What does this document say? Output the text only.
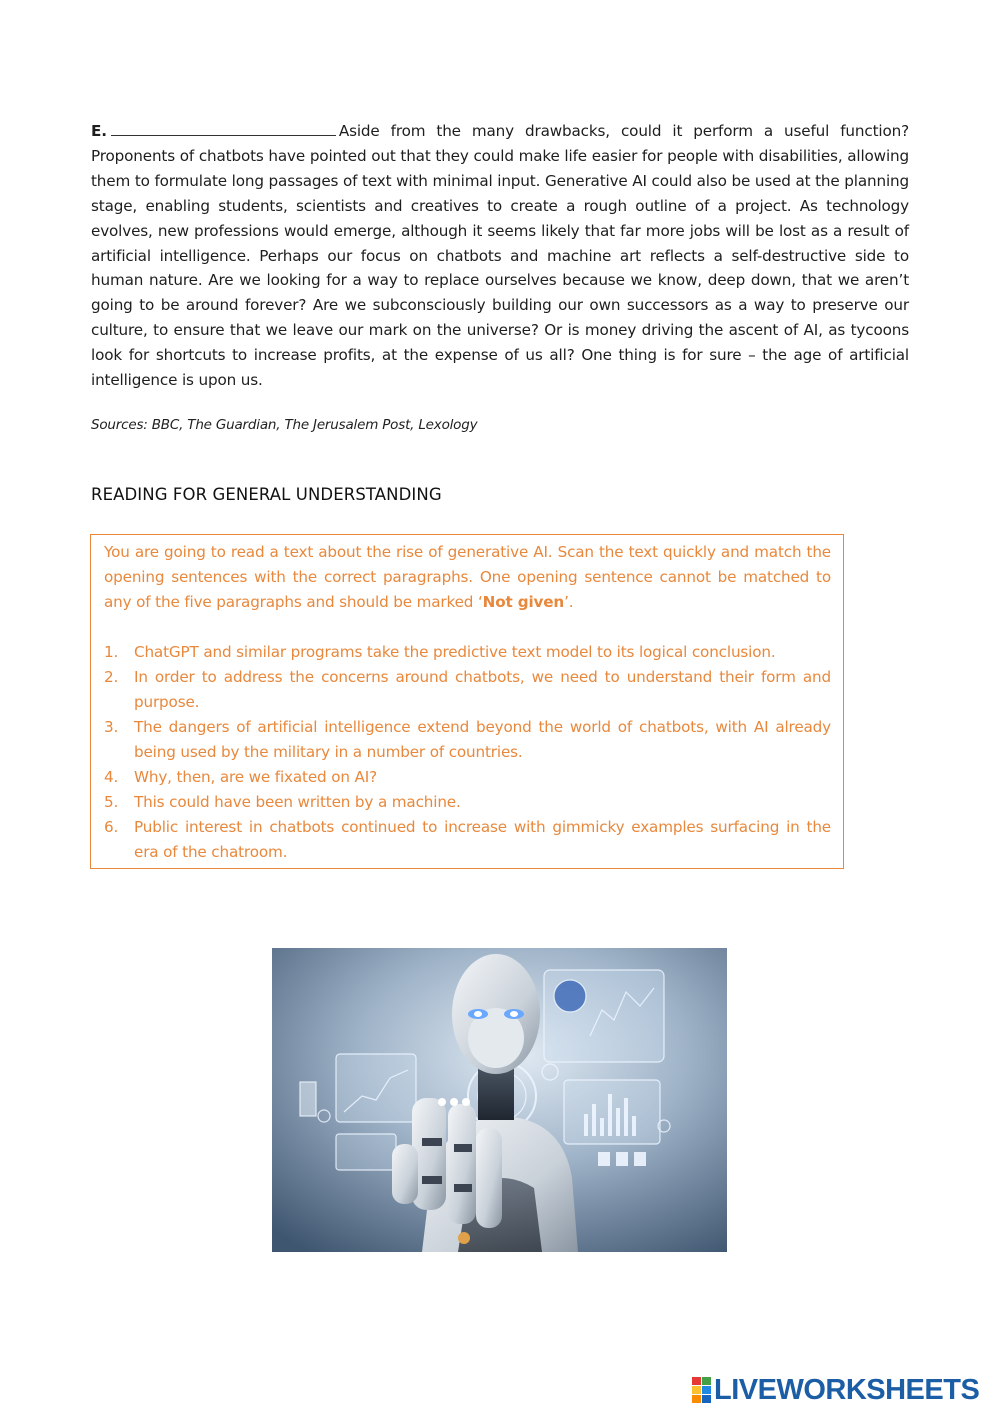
E.	Aside from the many drawbacks, could it perform a useful function? Proponents of chatbots have pointed out that they could make life easier for people with disabilities, allowing them to formulate long passages of text with minimal input. Generative AI could also be used at the planning stage, enabling students, scientists and creatives to create a rough outline of a project. As technology evolves, new professions would emerge, although it seems likely that far more jobs will be lost as a result of artificial intelligence. Perhaps our focus on chatbots and machine art reflects a self-destructive side to human nature. Are we looking for a way to replace ourselves because we know, deep down, that we aren’t going to be around forever? Are we subconsciously building our own successors as a way to preserve our culture, to ensure that we leave our mark on the universe? Or is money driving the ascent of AI, as tycoons look for shortcuts to increase profits, at the expense of us all? One thing is for sure – the age of artificial intelligence is upon us.

Sources: BBC, The Guardian, The Jerusalem Post, Lexology

READING FOR GENERAL UNDERSTANDING

You are going to read a text about the rise of generative AI. Scan the text quickly and match the opening sentences with the correct paragraphs. One opening sentence cannot be matched to any of the five paragraphs and should be marked ‘Not given’.

1. ChatGPT and similar programs take the predictive text model to its logical conclusion.
2. In order to address the concerns around chatbots, we need to understand their form and purpose.
3. The dangers of artificial intelligence extend beyond the world of chatbots, with AI already being used by the military in a number of countries.
4. Why, then, are we fixated on AI?
5. This could have been written by a machine.
6. Public interest in chatbots continued to increase with gimmicky examples surfacing in the era of the chatroom.
LIVEWORKSHEETS
